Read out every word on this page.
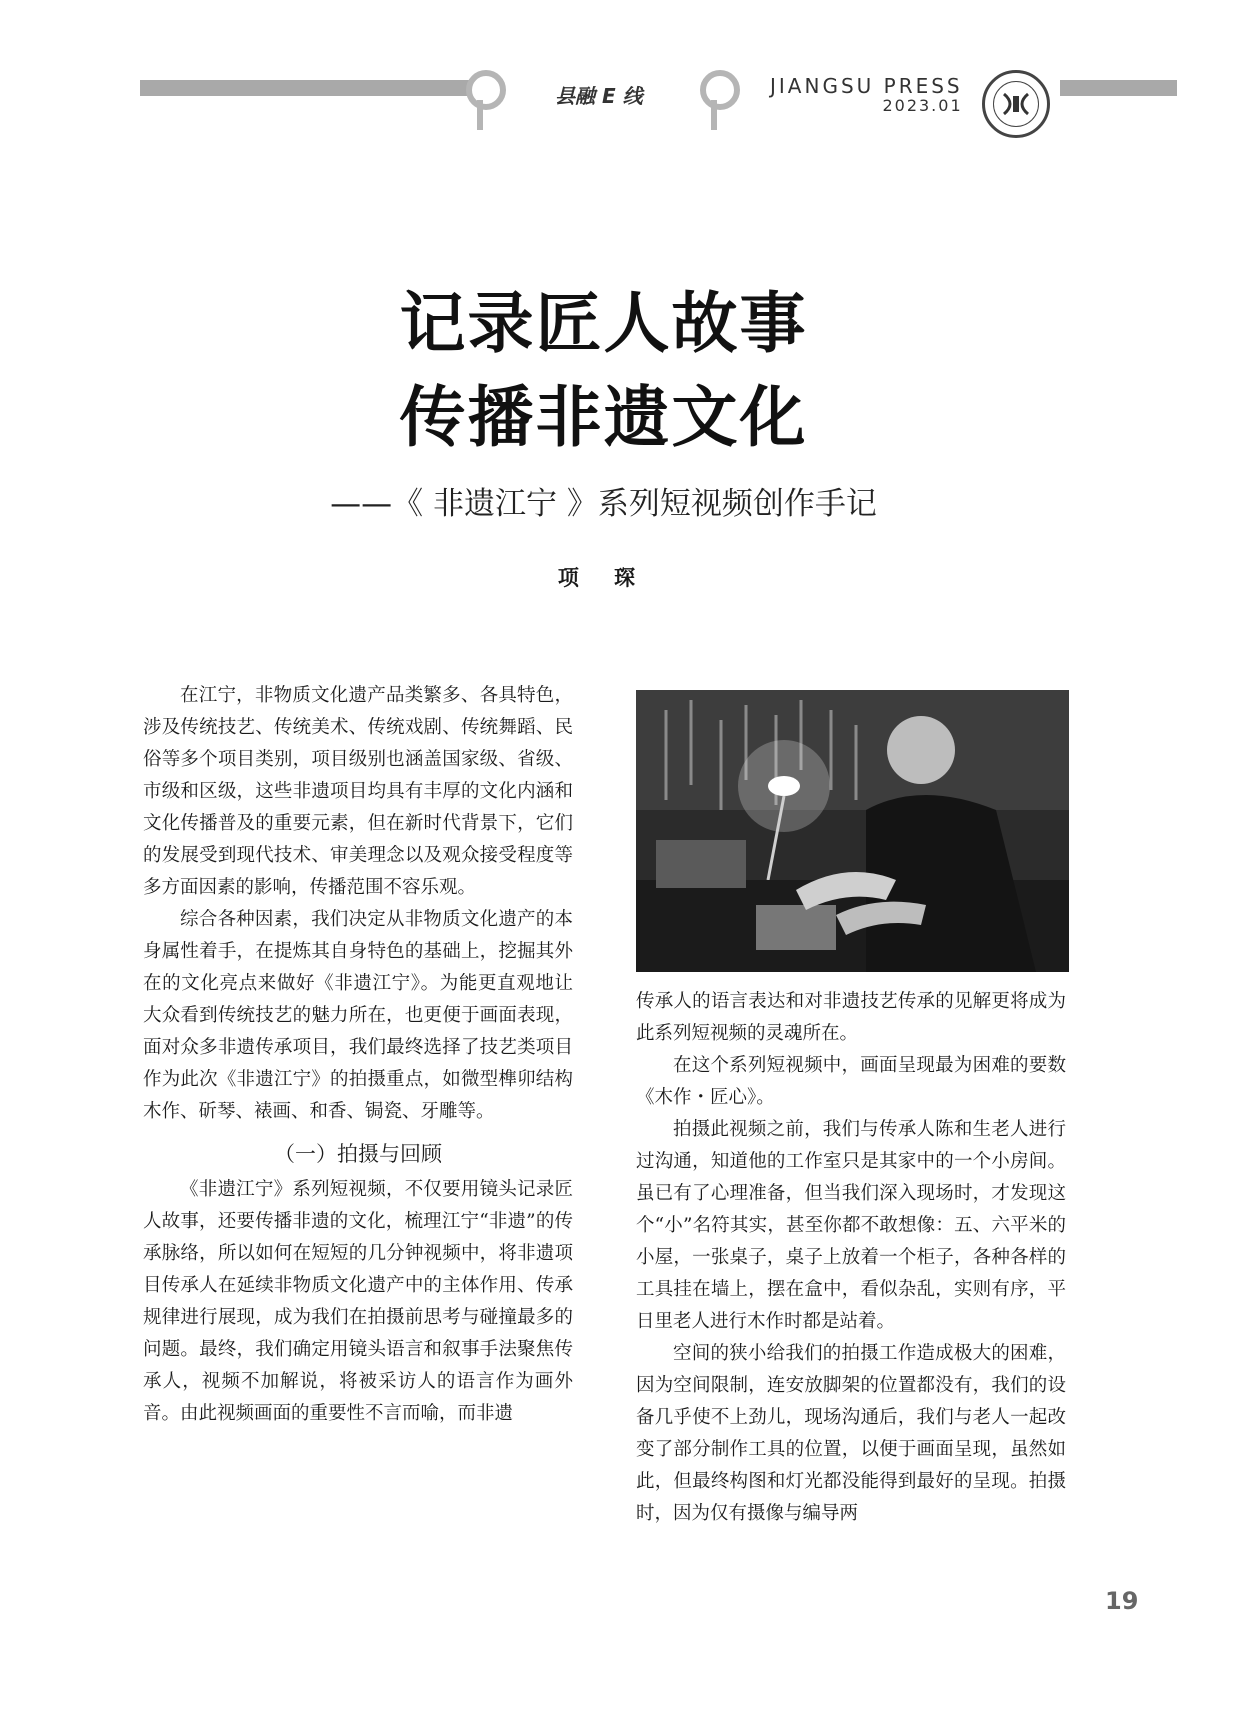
县融 E 线	JIANGSU PRESS
2023.01
记录匠人故事
传播非遗文化
——《 非遗江宁 》系列短视频创作手记
项 琛

在江宁，非物质文化遗产品类繁多、各具特色，涉及传统技艺、传统美术、传统戏剧、传统舞蹈、民俗等多个项目类别，项目级别也涵盖国家级、省级、市级和区级，这些非遗项目均具有丰厚的文化内涵和文化传播普及的重要元素，但在新时代背景下，它们的发展受到现代技术、审美理念以及观众接受程度等多方面因素的影响，传播范围不容乐观。

综合各种因素，我们决定从非物质文化遗产的本身属性着手，在提炼其自身特色的基础上，挖掘其外在的文化亮点来做好《非遗江宁》。为能更直观地让大众看到传统技艺的魅力所在，也更便于画面表现，面对众多非遗传承项目，我们最终选择了技艺类项目作为此次《非遗江宁》的拍摄重点，如微型榫卯结构木作、斫琴、裱画、和香、锔瓷、牙雕等。

（一）拍摄与回顾

《非遗江宁》系列短视频，不仅要用镜头记录匠人故事，还要传播非遗的文化，梳理江宁“非遗”的传承脉络，所以如何在短短的几分钟视频中，将非遗项目传承人在延续非物质文化遗产中的主体作用、传承规律进行展现，成为我们在拍摄前思考与碰撞最多的问题。最终，我们确定用镜头语言和叙事手法聚焦传承人，视频不加解说，将被采访人的语言作为画外音。由此视频画面的重要性不言而喻，而非遗

传承人的语言表达和对非遗技艺传承的见解更将成为此系列短视频的灵魂所在。

在这个系列短视频中，画面呈现最为困难的要数《木作・匠心》。

拍摄此视频之前，我们与传承人陈和生老人进行过沟通，知道他的工作室只是其家中的一个小房间。虽已有了心理准备，但当我们深入现场时，才发现这个“小”名符其实，甚至你都不敢想像：五、六平米的小屋，一张桌子，桌子上放着一个柜子，各种各样的工具挂在墙上，摆在盒中，看似杂乱，实则有序，平日里老人进行木作时都是站着。

空间的狭小给我们的拍摄工作造成极大的困难，因为空间限制，连安放脚架的位置都没有，我们的设备几乎使不上劲儿，现场沟通后，我们与老人一起改变了部分制作工具的位置，以便于画面呈现，虽然如此，但最终构图和灯光都没能得到最好的呈现。拍摄时，因为仅有摄像与编导两

19
